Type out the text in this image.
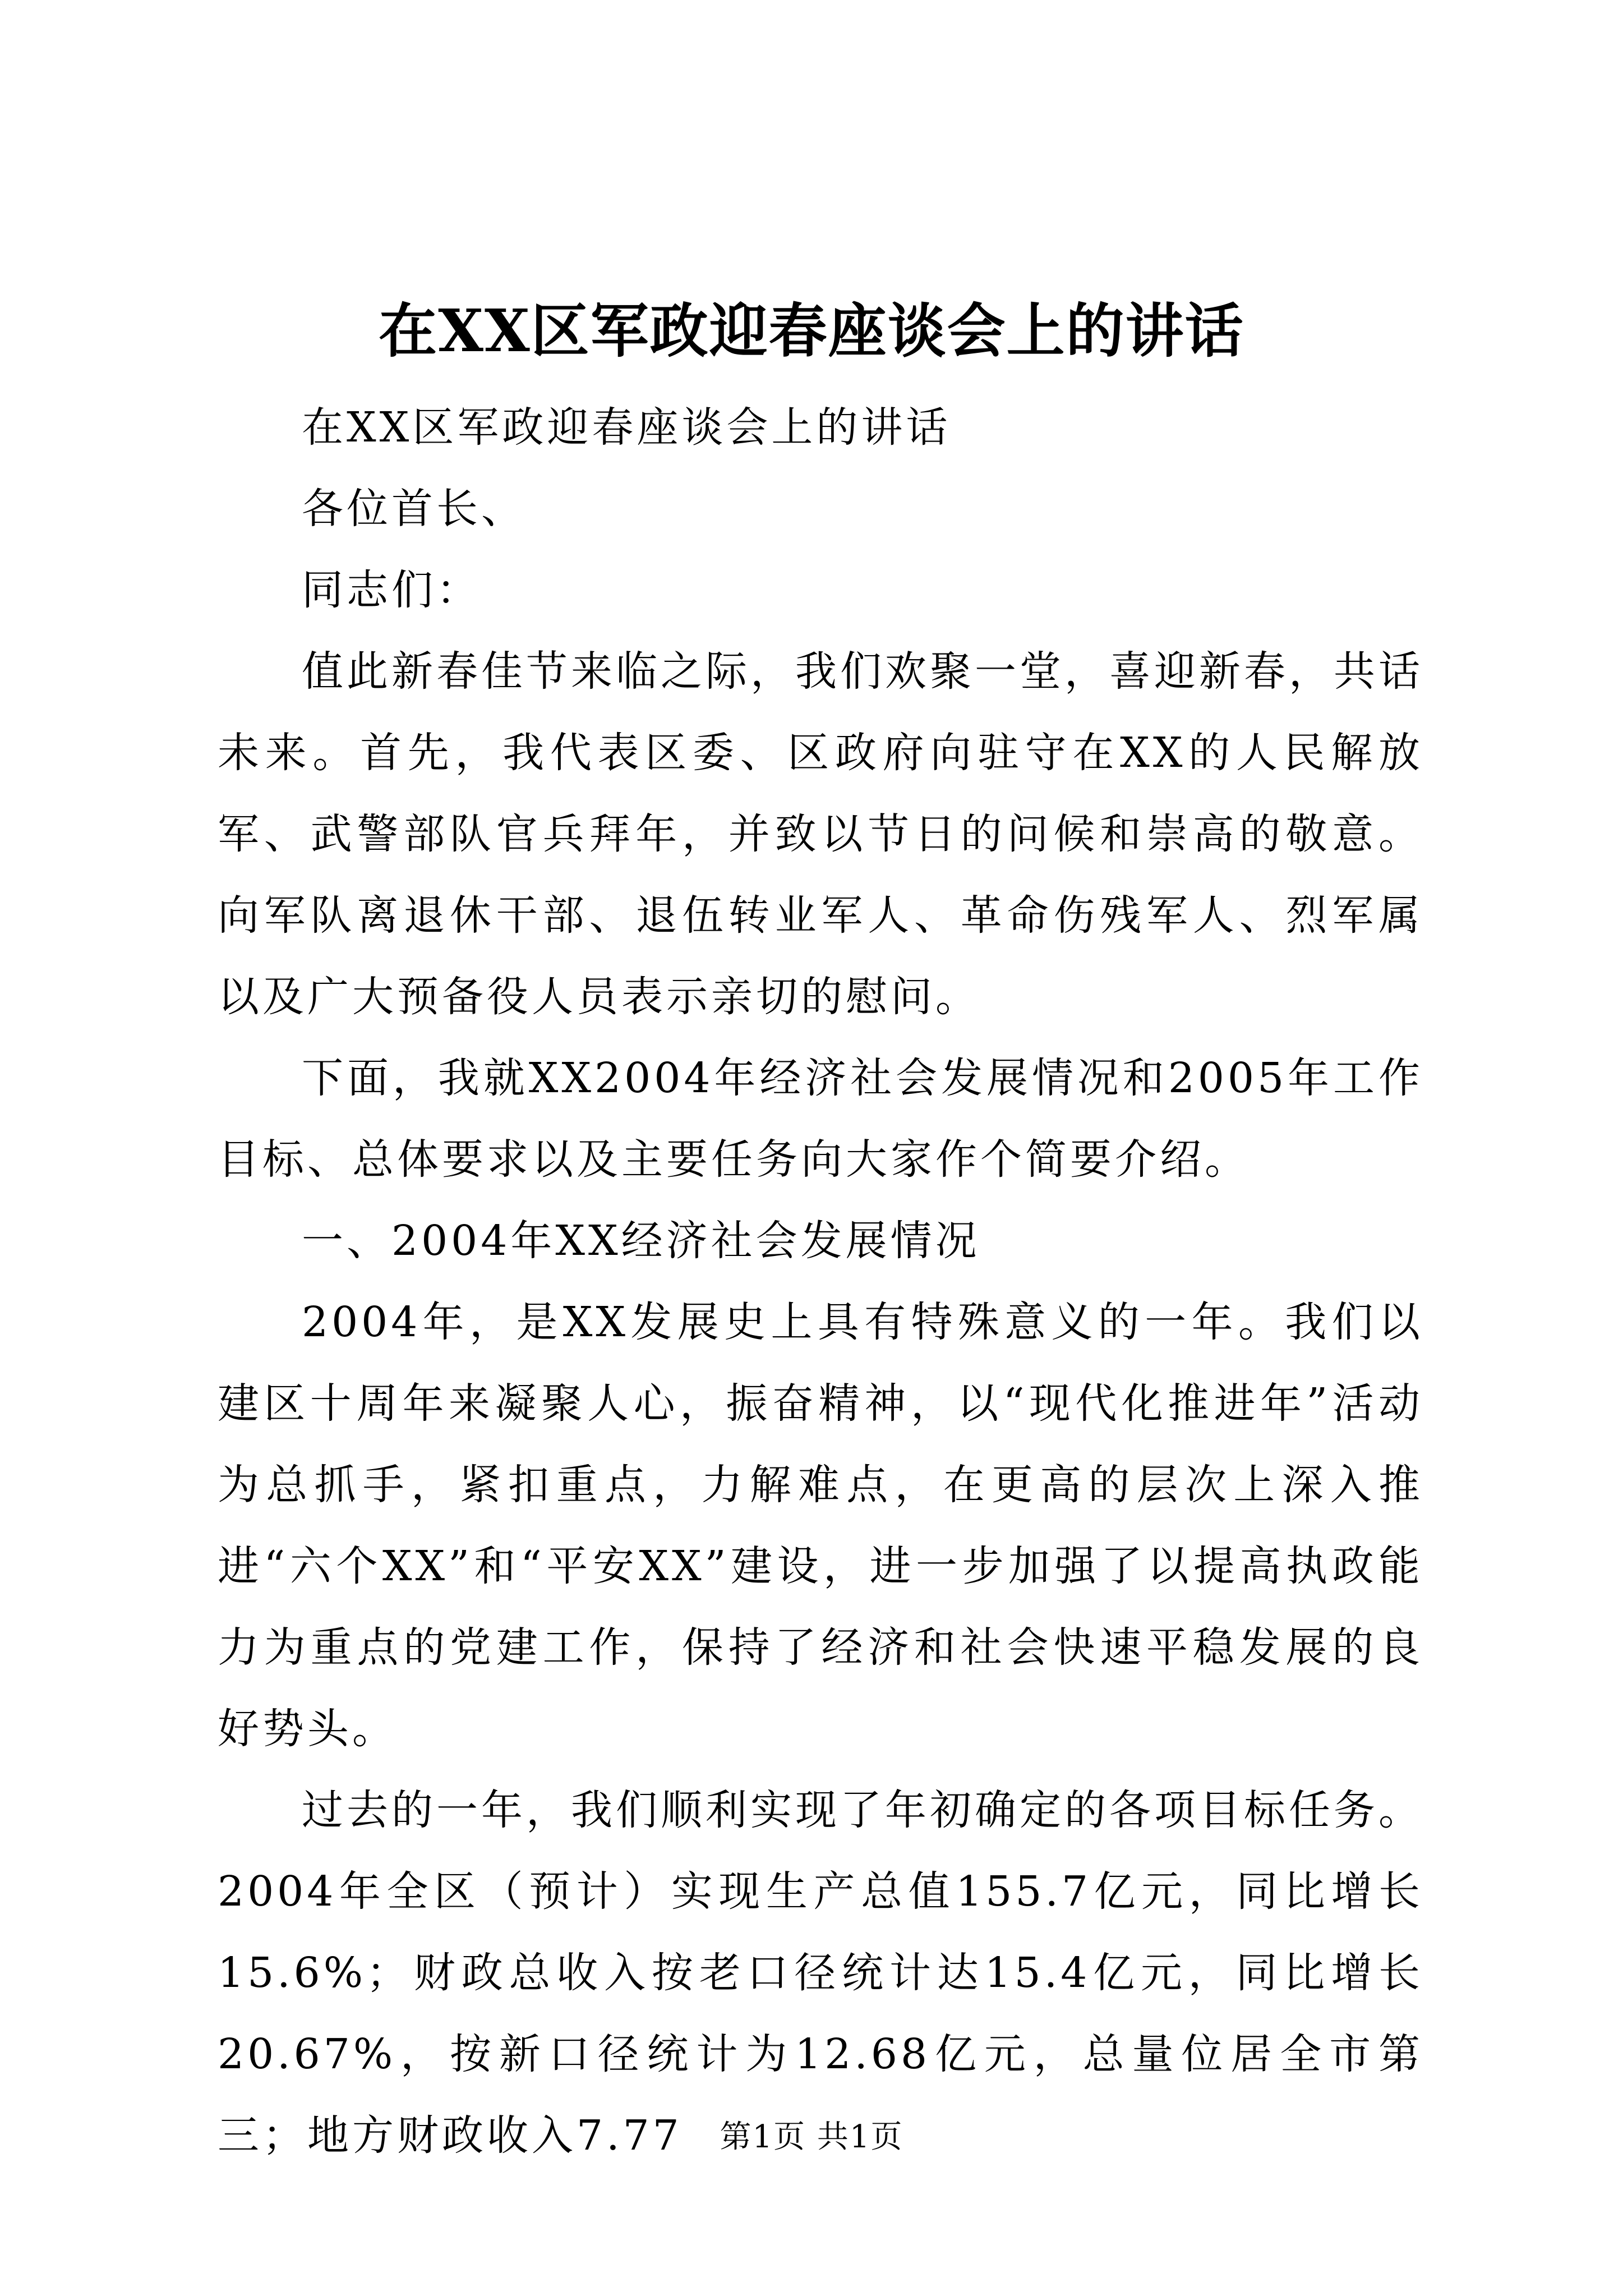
在XX区军政迎春座谈会上的讲话

在XX区军政迎春座谈会上的讲话

各位首长、

同志们：

值此新春佳节来临之际，我们欢聚一堂，喜迎新春，共话未来。首先，我代表区委、区政府向驻守在XX的人民解放军、武警部队官兵拜年，并致以节日的问候和崇高的敬意。向军队离退休干部、退伍转业军人、革命伤残军人、烈军属以及广大预备役人员表示亲切的慰问。

下面，我就XX2004年经济社会发展情况和2005年工作目标、总体要求以及主要任务向大家作个简要介绍。

一、2004年XX经济社会发展情况

2004年，是XX发展史上具有特殊意义的一年。我们以建区十周年来凝聚人心，振奋精神，以“现代化推进年”活动为总抓手，紧扣重点，力解难点，在更高的层次上深入推进“六个XX”和“平安XX”建设，进一步加强了以提高执政能力为重点的党建工作，保持了经济和社会快速平稳发展的良好势头。

过去的一年，我们顺利实现了年初确定的各项目标任务。2004年全区（预计）实现生产总值155.7亿元，同比增长15.6%；财政总收入按老口径统计达15.4亿元，同比增长20.67%，按新口径统计为12.68亿元，总量位居全市第三；地方财政收入7.77	第1页 共1页
